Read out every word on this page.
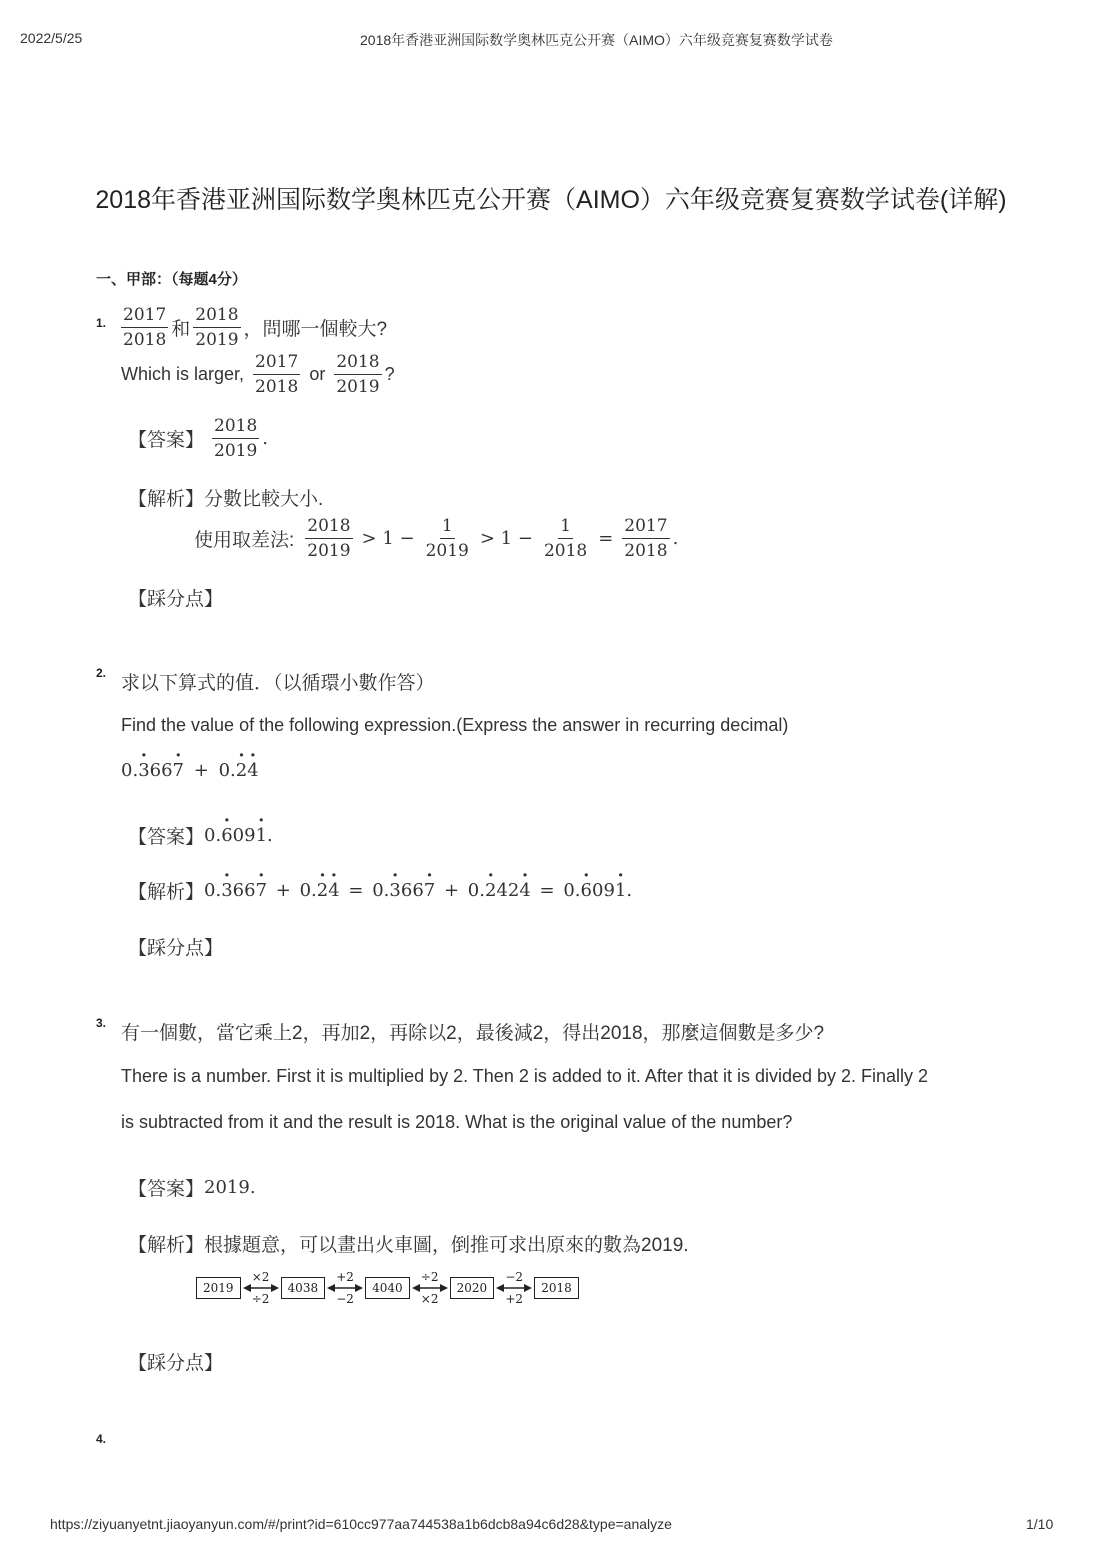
2022/5/25	2018年香港亚洲国际数学奥林匹克公开赛（AIMO）六年级竞赛复赛数学试卷
2018年香港亚洲国际数学奥林匹克公开赛（AIMO）六年级竞赛复赛数学试卷(详解)
一、甲部：（每题4分）
1. $\frac{2017}{2018}$ 和 $\frac{2018}{2019}$ ，問哪一個較大?
Which is larger, $\frac{2017}{2018}$ or $\frac{2018}{2019}$ ?
【答案】 $\frac{2018}{2019}$ .
【解析】 分數比較大小.
使用取差法: $\frac{2018}{2019} > 1 - \frac{1}{2019} > 1 - \frac{1}{2018} = \frac{2017}{2018}$ .
【踩分点】
2. 求以下算式的值．（以循環小數作答）
Find the value of the following expression.(Express the answer in recurring decimal)
0.· 366· 7 + 0.· 2· 4
【答案】 0.· 609· 1.
【解析】 0.· 366· 7 + 0.· 2· 4 = 0.· 366· 7 + 0.· 242· 4 = 0.· 609· 1.
【踩分点】
3. 有一個數，當它乘上2，再加2，再除以2，最後減2，得出2018，那麼這個數是多少?
There is a number. First it is multiplied by 2. Then 2 is added to it. After that it is divided by 2. Finally 2
is subtracted from it and the result is 2018. What is the original value of the number?
【答案】 2019.
【解析】 根據題意，可以畫出火車圖，倒推可求出原來的數為2019.
2019
×2
÷2
4038
+2
−2
4040
÷2
×2
2020
−2
+2
2018
【踩分点】
4.
https://ziyuanyetnt.jiaoyanyun.com/#/print?id=610cc977aa744538a1b6dcb8a94c6d28&type=analyze	1/10
